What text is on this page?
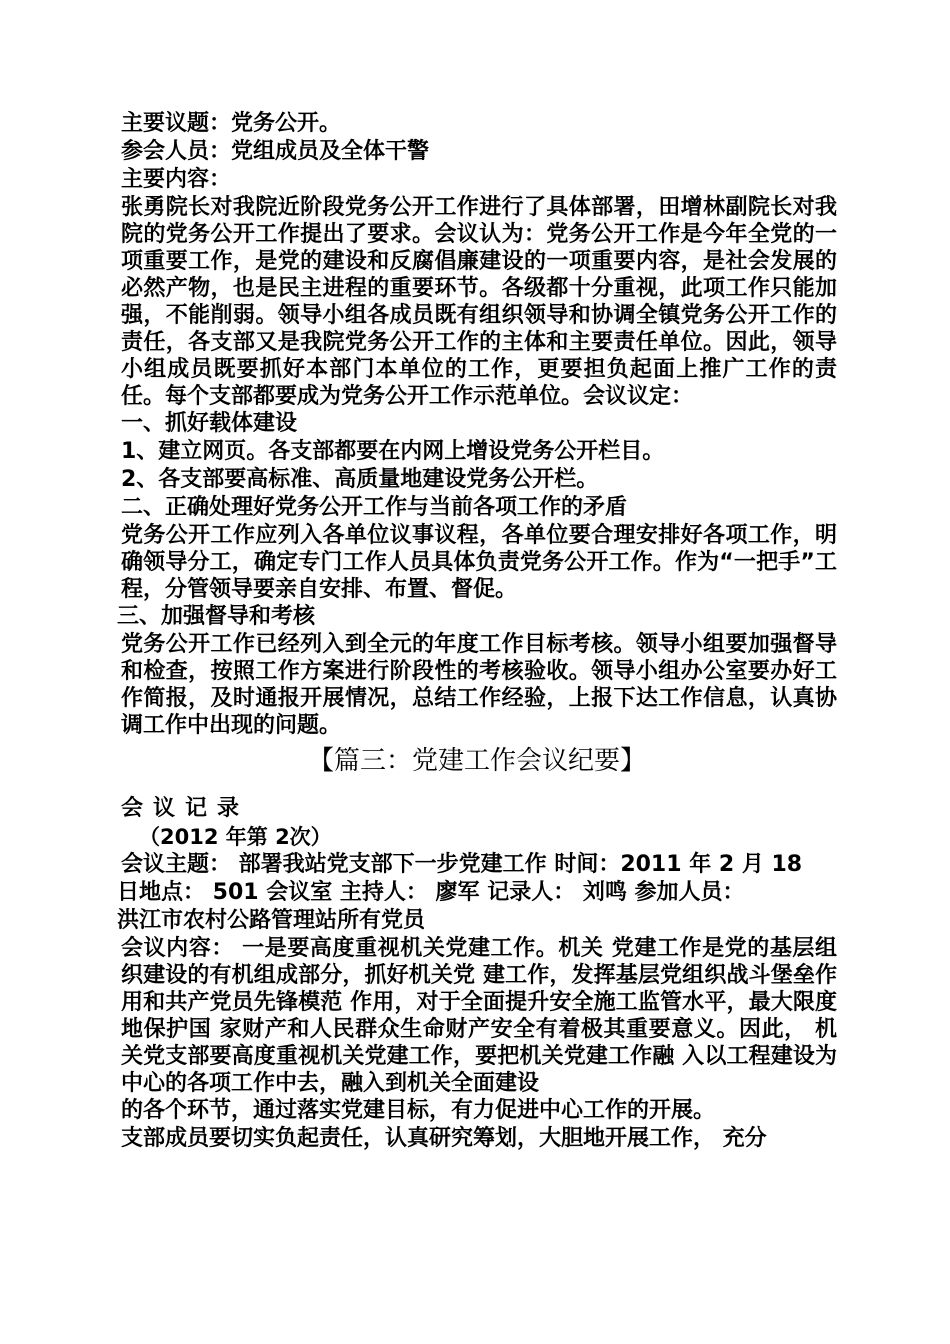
主要议题：党务公开。

参会人员：党组成员及全体干警

主要内容：

张勇院长对我院近阶段党务公开工作进行了具体部署，田增林副院长对我院的党务公开工作提出了要求。会议认为：党务公开工作是今年全党的一项重要工作，是党的建设和反腐倡廉建设的一项重要内容，是社会发展的必然产物，也是民主进程的重要环节。各级都十分重视，此项工作只能加强，不能削弱。领导小组各成员既有组织领导和协调全镇党务公开工作的责任，各支部又是我院党务公开工作的主体和主要责任单位。因此，领导小组成员既要抓好本部门本单位的工作，更要担负起面上推广工作的责任。每个支部都要成为党务公开工作示范单位。会议议定：

一、抓好载体建设

1、建立网页。各支部都要在内网上增设党务公开栏目。

2、各支部要高标准、高质量地建设党务公开栏。

二、正确处理好党务公开工作与当前各项工作的矛盾

党务公开工作应列入各单位议事议程，各单位要合理安排好各项工作，明确领导分工，确定专门工作人员具体负责党务公开工作。作为“一把手”工程，分管领导要亲自安排、布置、督促。

三、加强督导和考核

党务公开工作已经列入到全元的年度工作目标考核。领导小组要加强督导和检查，按照工作方案进行阶段性的考核验收。领导小组办公室要办好工作简报，及时通报开展情况，总结工作经验，上报下达工作信息，认真协调工作中出现的问题。

【篇三：党建工作会议纪要】

会议记录

（2012 年第 2次）

会议主题： 部署我站党支部下一步党建工作 时间：2011 年 2 月 18

日地点： 501 会议室 主持人： 廖军 记录人： 刘鸣 参加人员：

洪江市农村公路管理站所有党员

会议内容： 一是要高度重视机关党建工作。机关 党建工作是党的基层组织建设的有机组成部分，抓好机关党 建工作，发挥基层党组织战斗堡垒作用和共产党员先锋模范 作用，对于全面提升安全施工监管水平，最大限度地保护国 家财产和人民群众生命财产安全有着极其重要意义。因此， 机关党支部要高度重视机关党建工作，要把机关党建工作融 入以工程建设为中心的各项工作中去，融入到机关全面建设

的各个环节，通过落实党建目标，有力促进中心工作的开展。

支部成员要切实负起责任，认真研究筹划，大胆地开展工作， 充分
